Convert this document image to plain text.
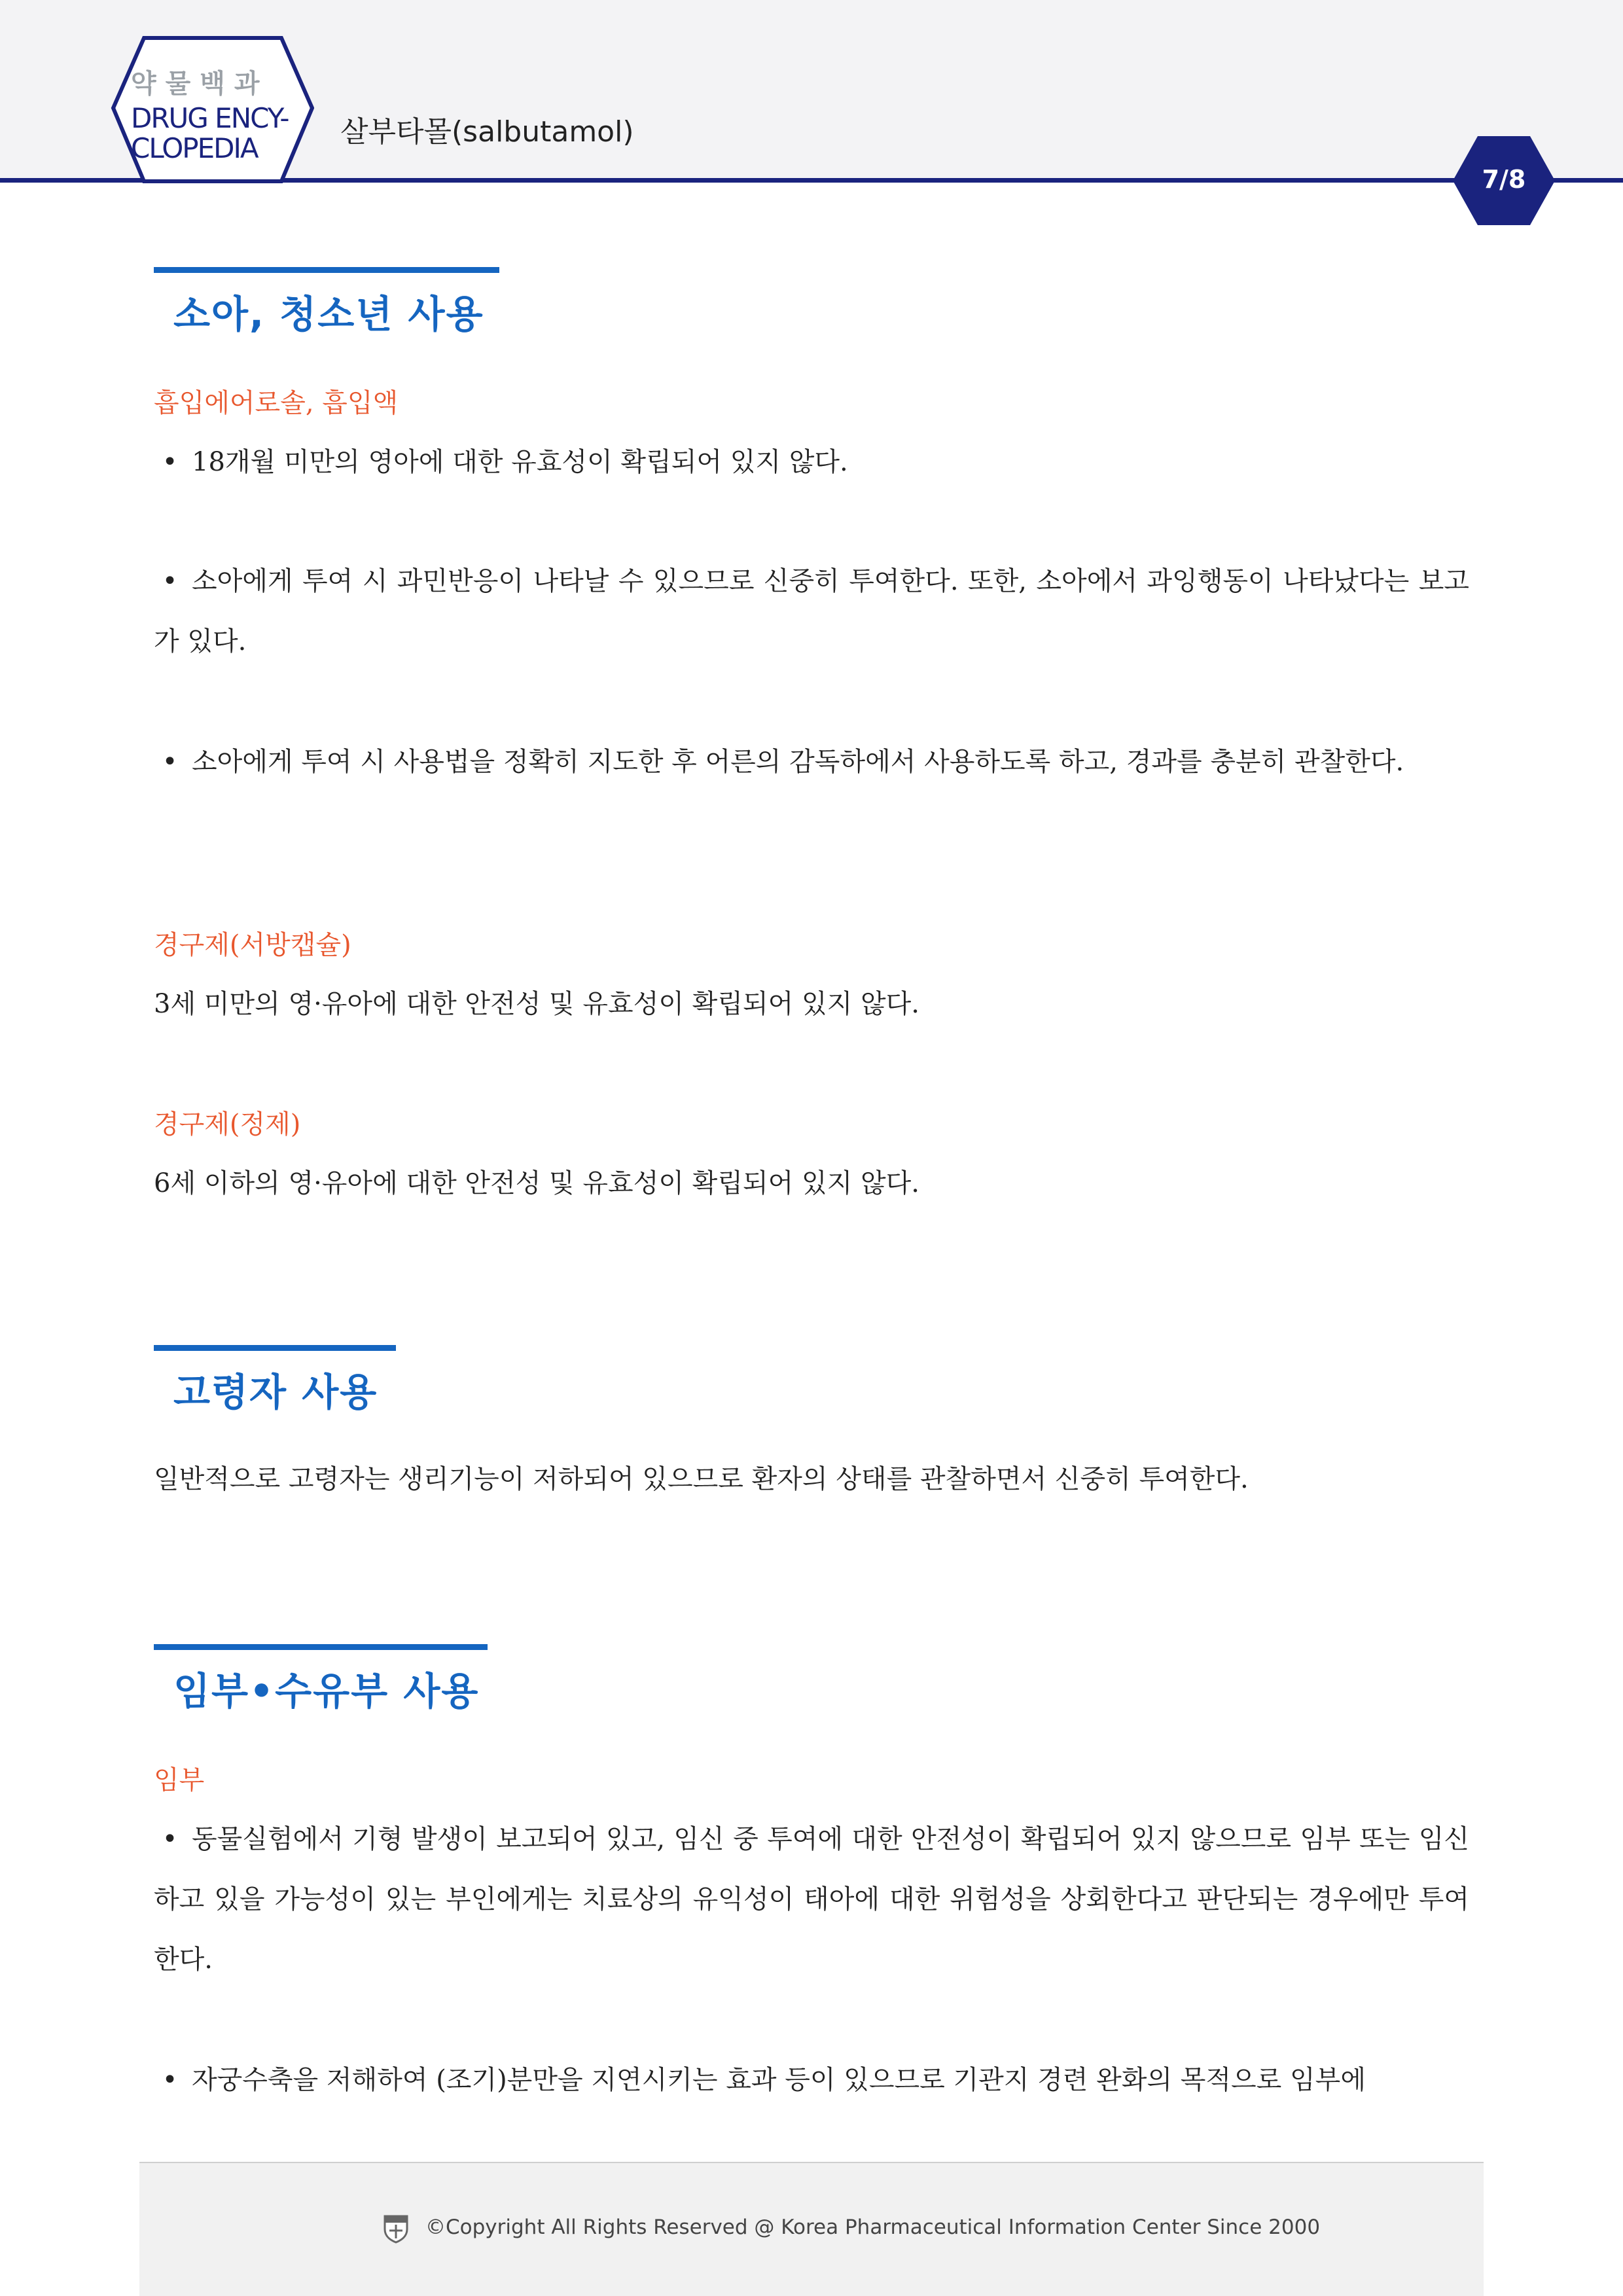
약물백과
DRUG ENCY-
CLOPEDIA	살부타몰(salbutamol)
7/8
소아, 청소년 사용
흡입에어로솔, 흡입액
• 18개월 미만의 영아에 대한 유효성이 확립되어 있지 않다.
• 소아에게 투여 시 과민반응이 나타날 수 있으므로 신중히 투여한다. 또한, 소아에서 과잉행동이 나타났다는 보고가 있다.
• 소아에게 투여 시 사용법을 정확히 지도한 후 어른의 감독하에서 사용하도록 하고, 경과를 충분히 관찰한다.
경구제(서방캡슐)
3세 미만의 영·유아에 대한 안전성 및 유효성이 확립되어 있지 않다.
경구제(정제)
6세 이하의 영·유아에 대한 안전성 및 유효성이 확립되어 있지 않다.
고령자 사용
일반적으로 고령자는 생리기능이 저하되어 있으므로 환자의 상태를 관찰하면서 신중히 투여한다.
임부•수유부 사용
임부
• 동물실험에서 기형 발생이 보고되어 있고, 임신 중 투여에 대한 안전성이 확립되어 있지 않으므로 임부 또는 임신하고 있을 가능성이 있는 부인에게는 치료상의 유익성이 태아에 대한 위험성을 상회한다고 판단되는 경우에만 투여한다.
• 자궁수축을 저해하여 (조기)분만을 지연시키는 효과 등이 있으므로 기관지 경련 완화의 목적으로 임부에
©Copyright All Rights Reserved @ Korea Pharmaceutical Information Center Since 2000
